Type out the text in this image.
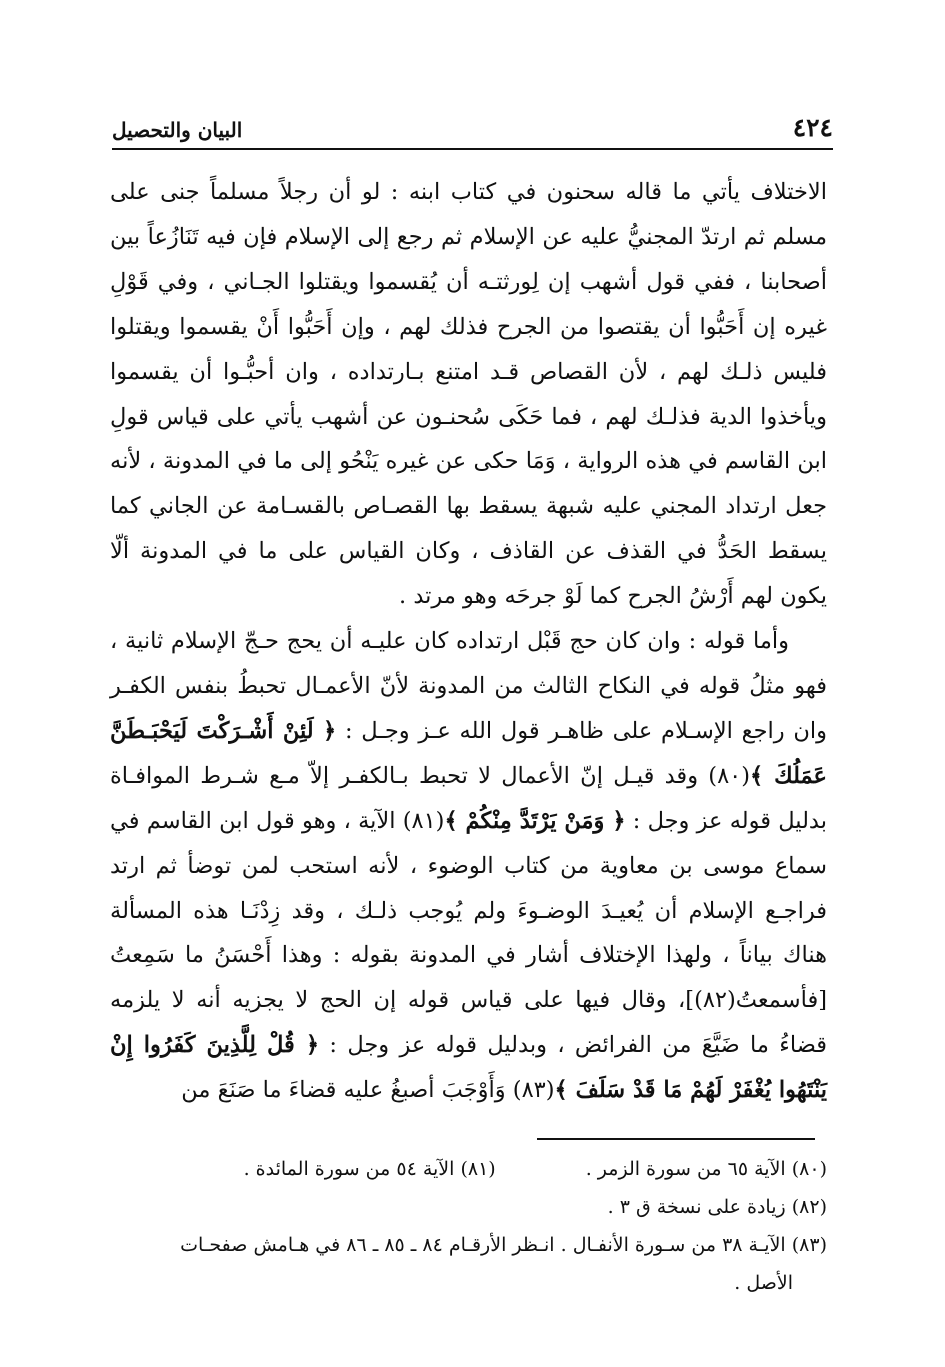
٤٢٤
البيان والتحصيل

الاختلاف يأتي ما قاله سحنون في كتاب ابنه : لو أن رجلاً مسلماً جنى على مسلم ثم ارتدّ المجنيُّ عليه عن الإسلام ثم رجع إلى الإسلام فإن فيه تَنَازُعاً بين أصحابنا ، ففي قول أشهب إن لِورثتـه أن يُقسموا ويقتلوا الجـاني ، وفي قَوْلِ غيره إن أَحَبُّوا أن يقتصوا من الجرح فذلك لهم ، وإن أَحَبُّوا أَنْ يقسموا ويقتلوا فليس ذلـك لهم ، لأن القصاص قـد امتنع بـارتداده ، وان أحبُّـوا أن يقسموا ويأخذوا الدية فذلـك لهم ، فما حَكَى سُحنـون عن أشهب يأتي على قياس قولِ ابن القاسم في هذه الرواية ، وَمَا حكى عن غيره يَنْحُو إلى ما في المدونة ، لأنه جعل ارتداد المجني عليه شبهة يسقط بها القصـاص بالقسـامة عن الجاني كما يسقط الحَدُّ في القذف عن القاذف ، وكان القياس على ما في المدونة ألّا يكون لهم أَرْشُ الجرح كما لَوْ جرحَه وهو مرتد .

وأما قوله : وان كان حج قَبْل ارتداده كان عليـه أن يحج حـجّ الإسلام ثانية ، فهو مثلُ قوله في النكاح الثالث من المدونة لأنّ الأعمـال تحبطُ بنفس الكفـر وان راجع الإسـلام على ظاهـر قول الله عـز وجـل : ﴿ لَئِنْ أَشْـرَكْتَ لَيَحْبَـطَنَّ عَمَلُكَ ﴾(٨٠) وقد قيـل إنّ الأعمال لا تحبط بـالكفـر إلاّ مـع شـرط الموافـاة بدليل قوله عز وجل : ﴿ وَمَنْ يَرْتَدَّ مِنْكُمْ ﴾(٨١) الآية ، وهو قول ابن القاسم في سماع موسى بن معاوية من كتاب الوضوء ، لأنه استحب لمن توضأ ثم ارتد فراجـع الإسلام أن يُعيـدَ الوضـوءَ ولم يُوجب ذلـك ، وقد زِدْنَـا هذه المسألة هناك بياناً ، ولهذا الإختلاف أشار في المدونة بقوله : وهذا أَحْسَنُ ما سَمِعتُ [فأسمعتُ(٨٢)]، وقال فيها على قياس قوله إن الحج لا يجزيه أنه لا يلزمه قضاءُ ما ضَيَّعَ من الفرائض ، وبدليل قوله عز وجل : ﴿ قُلْ لِلَّذِينَ كَفَرُوا إِنْ يَنْتَهُوا يُغْفَرْ لَهُمْ مَا قَدْ سَلَفَ ﴾(٨٣) وَأَوْجَبَ أصبغُ عليه قضاءَ ما صَنَعَ من

(٨٠) الآية ٦٥ من سورة الزمر .
(٨١) الآية ٥٤ من سورة المائدة .
(٨٢) زيادة على نسخة ق ٣ .
(٨٣) الآيـة ٣٨ من سـورة الأنفـال . انـظر الأرقـام ٨٤ ـ ٨٥ ـ ٨٦ في هـامش صفحـات
الأصل .
